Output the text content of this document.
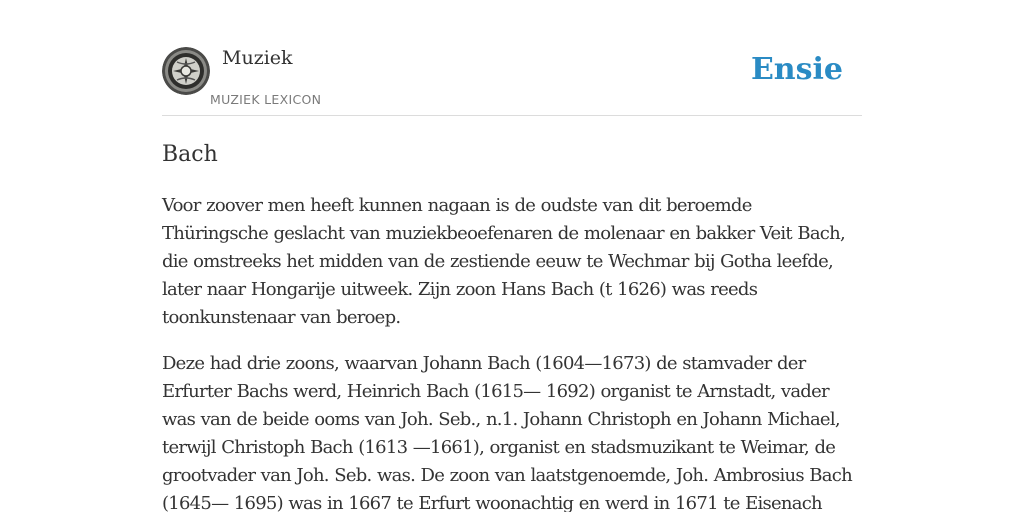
Muziek
MUZIEK LEXICON
Ensie
Bach

Voor zoover men heeft kunnen nagaan is de oudste van dit beroemde Thüringsche geslacht van muziekbeoefenaren de molenaar en bakker Veit Bach, die omstreeks het midden van de zestiende eeuw te Wechmar bij Gotha leefde, later naar Hongarije uitweek. Zijn zoon Hans Bach (t 1626) was reeds toonkunstenaar van beroep.

Deze had drie zoons, waarvan Johann Bach (1604—1673) de stamvader der Erfurter Bachs werd, Heinrich Bach (1615— 1692) organist te Arnstadt, vader was van de beide ooms van Joh. Seb., n.1. Johann Christoph en Johann Michael, terwijl Christoph Bach (1613 —1661), organist en stadsmuzikant te Weimar, de grootvader van Joh. Seb. was. De zoon van laatstgenoemde, Joh. Ambrosius Bach (1645— 1695) was in 1667 te Erfurt woonachtig en werd in 1671 te Eisenach
